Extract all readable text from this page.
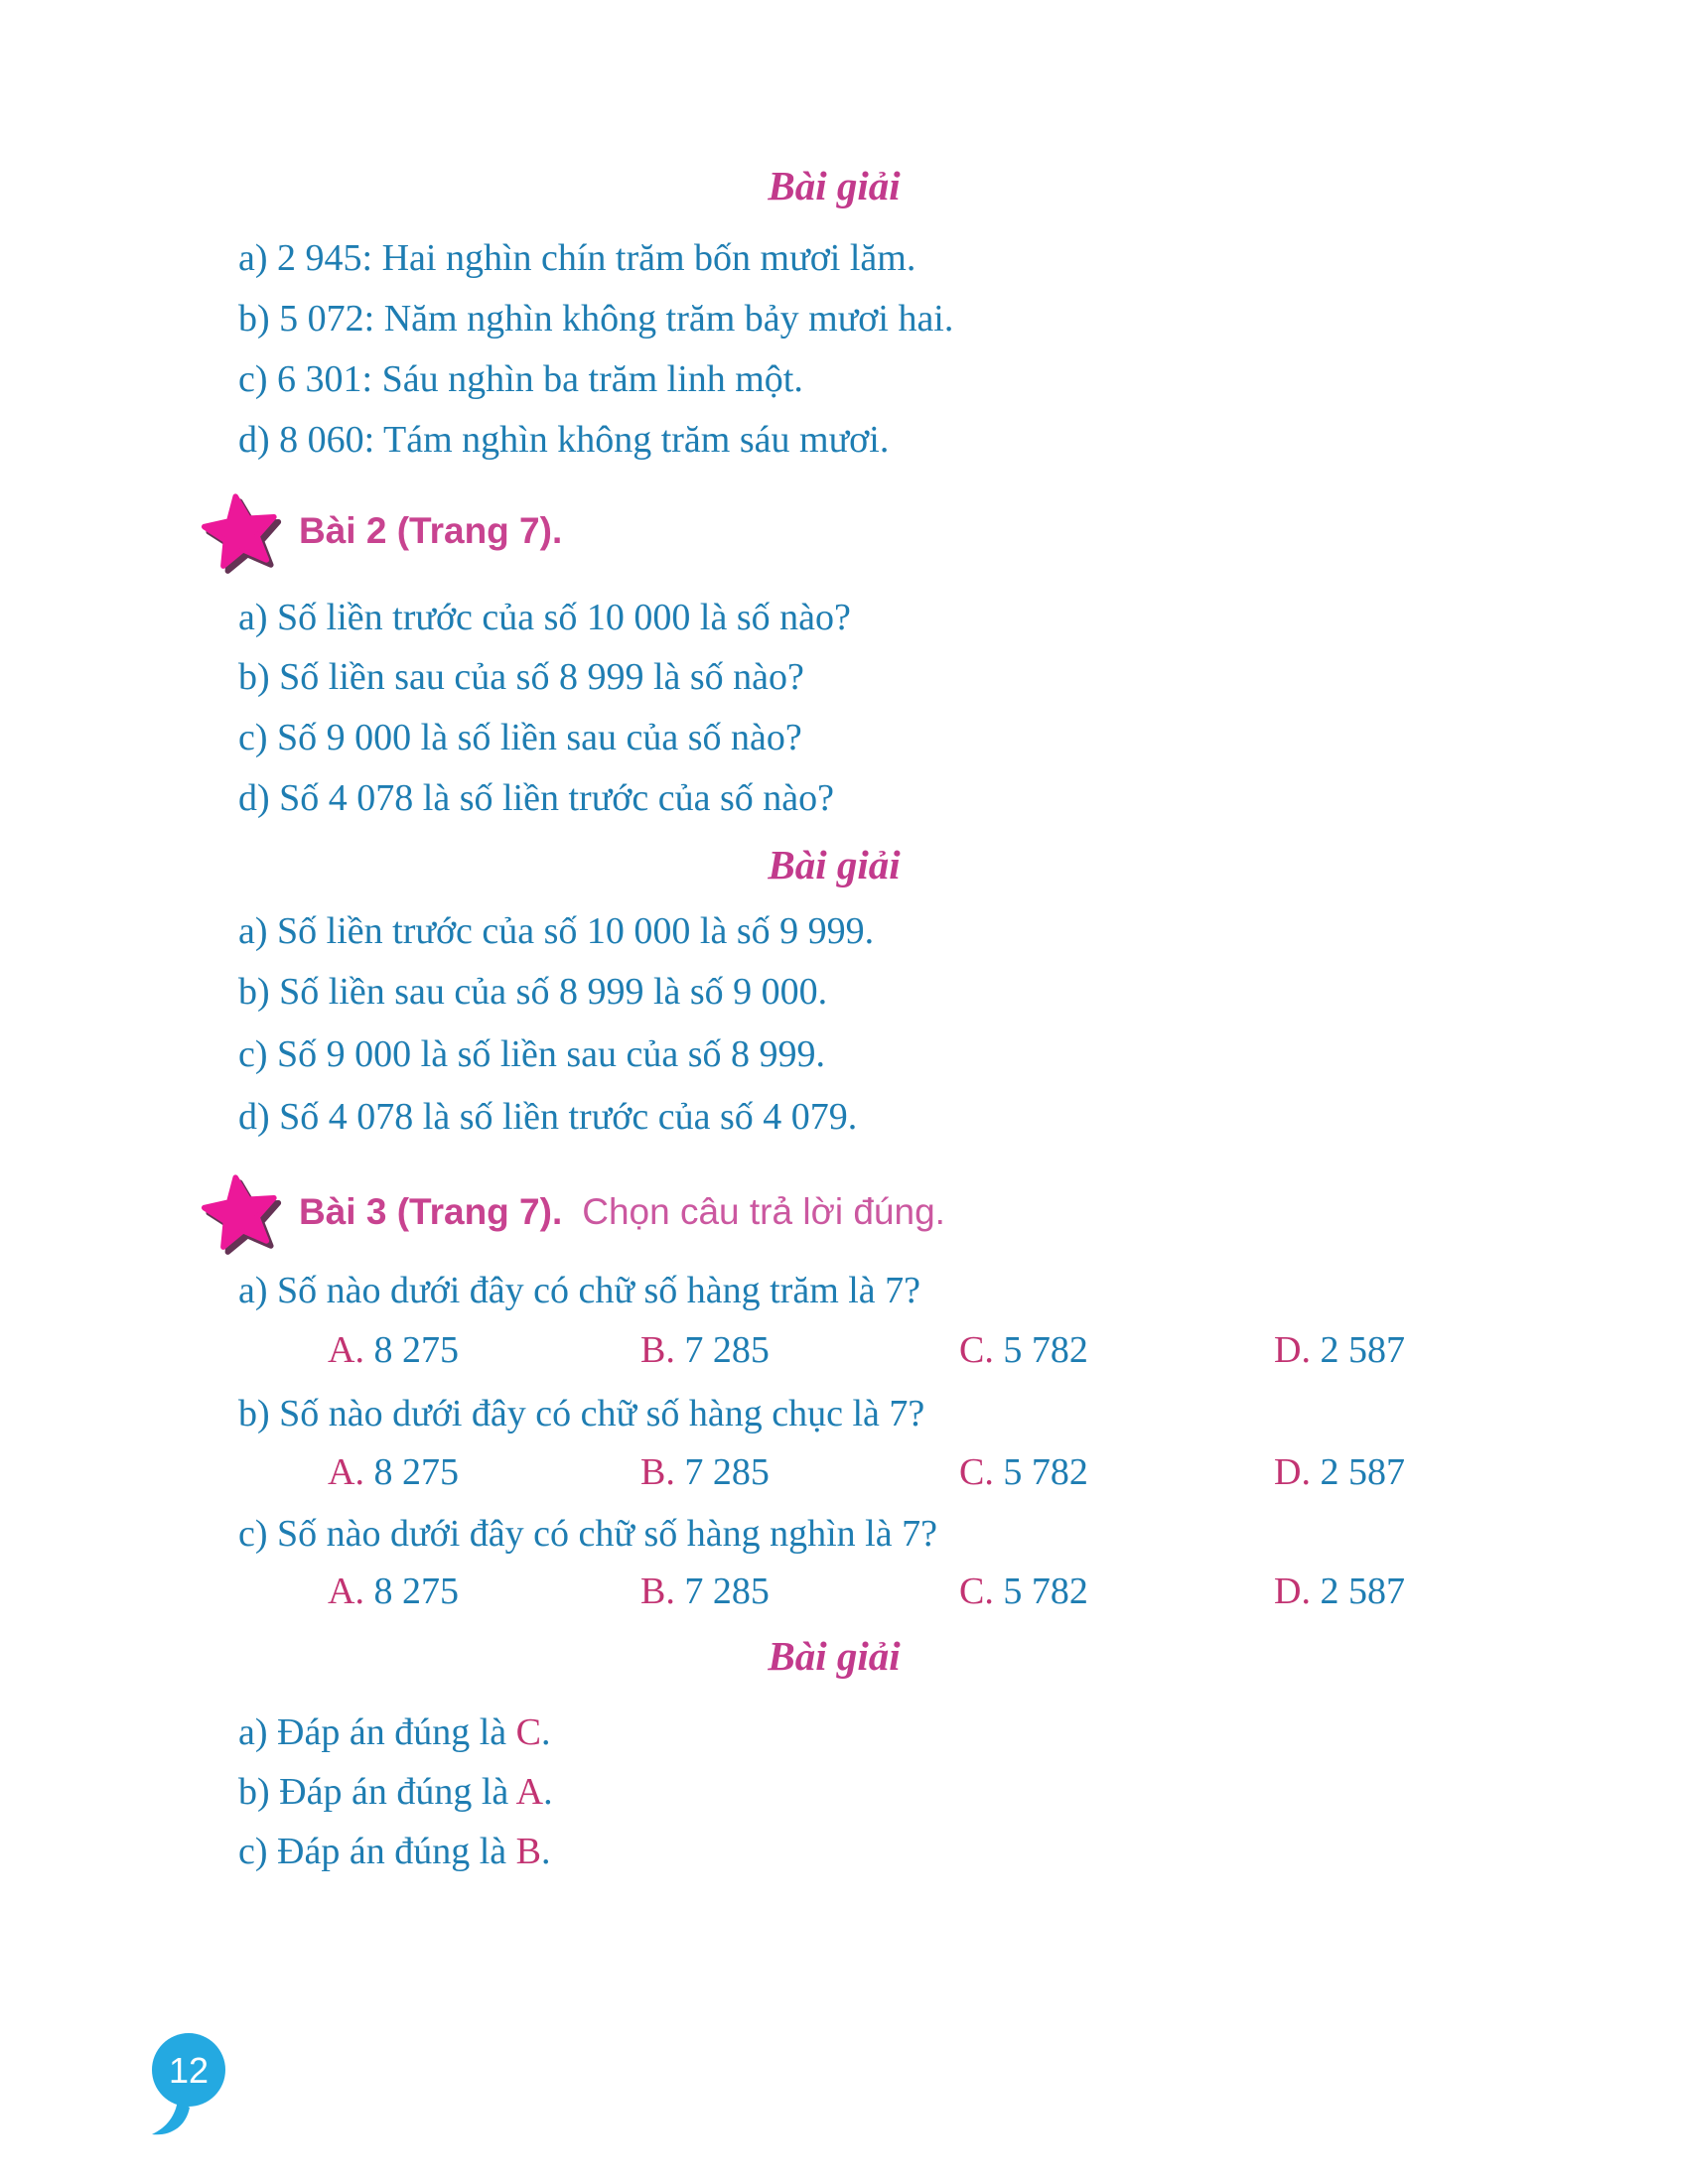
Bài giải
a) 2 945: Hai nghìn chín trăm bốn mươi lăm.
b) 5 072: Năm nghìn không trăm bảy mươi hai.
c) 6 301: Sáu nghìn ba trăm linh một.
d) 8 060: Tám nghìn không trăm sáu mươi.
Bài 2 (Trang 7).
a) Số liền trước của số 10 000 là số nào?
b) Số liền sau của số 8 999 là số nào?
c) Số 9 000 là số liền sau của số nào?
d) Số 4 078 là số liền trước của số nào?
Bài giải
a) Số liền trước của số 10 000 là số 9 999.
b) Số liền sau của số 8 999 là số 9 000.
c) Số 9 000 là số liền sau của số 8 999.
d) Số 4 078 là số liền trước của số 4 079.
Bài 3 (Trang 7). Chọn câu trả lời đúng.
a) Số nào dưới đây có chữ số hàng trăm là 7?
A. 8 275	B. 7 285	C. 5 782	D. 2 587
b) Số nào dưới đây có chữ số hàng chục là 7?
A. 8 275	B. 7 285	C. 5 782	D. 2 587
c) Số nào dưới đây có chữ số hàng nghìn là 7?
A. 8 275	B. 7 285	C. 5 782	D. 2 587
Bài giải
a) Đáp án đúng là C.
b) Đáp án đúng là A.
c) Đáp án đúng là B.
12
